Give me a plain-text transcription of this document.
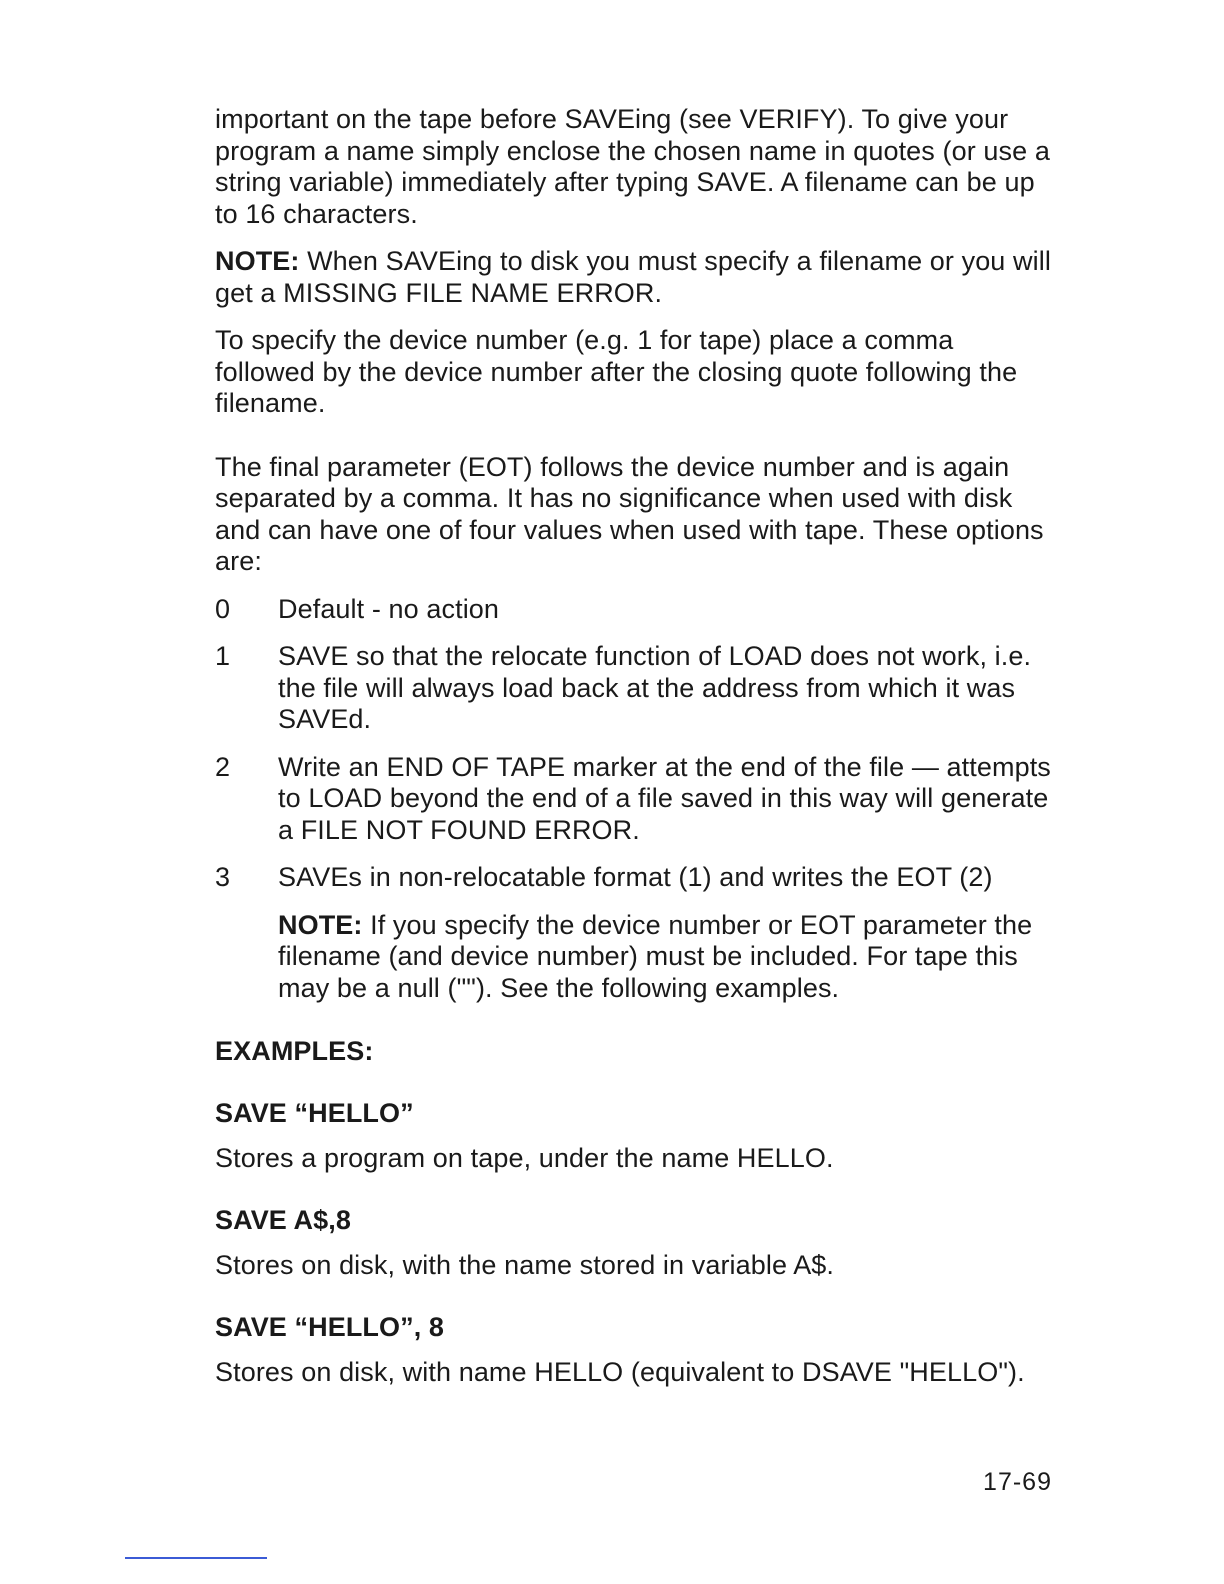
important on the tape before SAVEing (see VERIFY). To give your program a name simply enclose the chosen name in quotes (or use a string variable) immediately after typing SAVE. A filename can be up to 16 characters.

NOTE: When SAVEing to disk you must specify a filename or you will get a MISSING FILE NAME ERROR.

To specify the device number (e.g. 1 for tape) place a comma followed by the device number after the closing quote following the filename.

The final parameter (EOT) follows the device number and is again separated by a comma. It has no significance when used with disk and can have one of four values when used with tape. These options are:

0	Default - no action
1	SAVE so that the relocate function of LOAD does not work, i.e. the file will always load back at the address from which it was SAVEd.
2	Write an END OF TAPE marker at the end of the file — attempts to LOAD beyond the end of a file saved in this way will generate a FILE NOT FOUND ERROR.
3	SAVEs in non-relocatable format (1) and writes the EOT (2)

NOTE: If you specify the device number or EOT parameter the filename (and device number) must be included. For tape this may be a null (""). See the following examples.

EXAMPLES:

SAVE “HELLO”

Stores a program on tape, under the name HELLO.

SAVE A$,8

Stores on disk, with the name stored in variable A$.

SAVE “HELLO”, 8

Stores on disk, with name HELLO (equivalent to DSAVE "HELLO").

17-69
